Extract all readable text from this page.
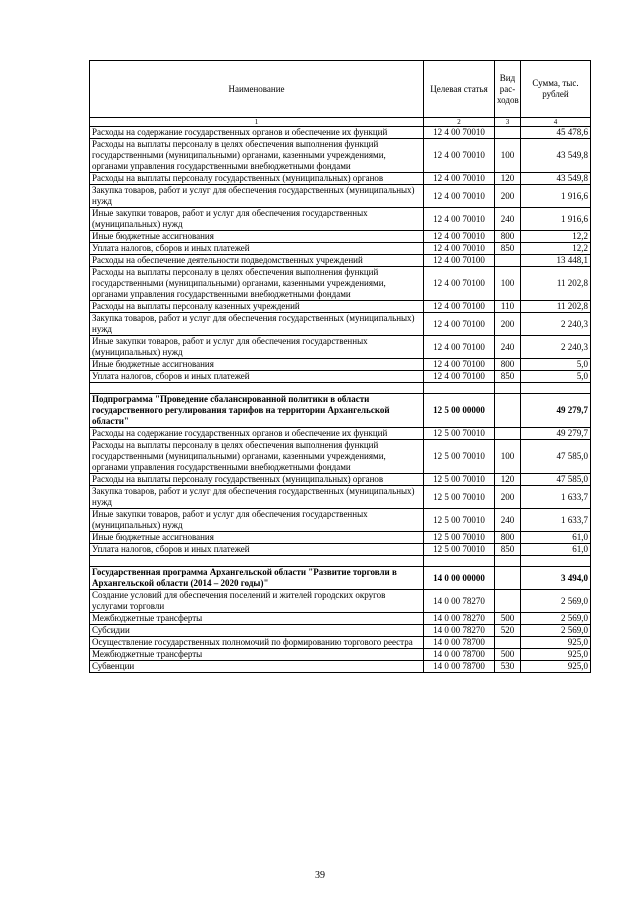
Наименование	Целевая статья	Вид рас-ходов	Сумма, тыс. рублей
1	2	3	4
Расходы на содержание государственных органов и обеспечение их функций	12 4 00 70010		45 478,6
Расходы на выплаты персоналу в целях обеспечения выполнения функций государственными (муниципальными) органами, казенными учреждениями, органами управления государственными внебюджетными фондами	12 4 00 70010	100	43 549,8
Расходы на выплаты персоналу государственных (муниципальных) органов	12 4 00 70010	120	43 549,8
Закупка товаров, работ и услуг для обеспечения государственных (муниципальных) нужд	12 4 00 70010	200	1 916,6
Иные закупки товаров, работ и услуг для обеспечения государственных (муниципальных) нужд	12 4 00 70010	240	1 916,6
Иные бюджетные ассигнования	12 4 00 70010	800	12,2
Уплата налогов, сборов и иных платежей	12 4 00 70010	850	12,2
Расходы на обеспечение деятельности подведомственных учреждений	12 4 00 70100		13 448,1
Расходы на выплаты персоналу в целях обеспечения выполнения функций государственными (муниципальными) органами, казенными учреждениями, органами управления государственными внебюджетными фондами	12 4 00 70100	100	11 202,8
Расходы на выплаты персоналу казенных учреждений	12 4 00 70100	110	11 202,8
Закупка товаров, работ и услуг для обеспечения государственных (муниципальных) нужд	12 4 00 70100	200	2 240,3
Иные закупки товаров, работ и услуг для обеспечения государственных (муниципальных) нужд	12 4 00 70100	240	2 240,3
Иные бюджетные ассигнования	12 4 00 70100	800	5,0
Уплата налогов, сборов и иных платежей	12 4 00 70100	850	5,0

Подпрограмма "Проведение сбалансированной политики в области государственного регулирования тарифов на территории Архангельской области"	12 5 00 00000		49 279,7
Расходы на содержание государственных органов и обеспечение их функций	12 5 00 70010		49 279,7
Расходы на выплаты персоналу в целях обеспечения выполнения функций государственными (муниципальными) органами, казенными учреждениями, органами управления государственными внебюджетными фондами	12 5 00 70010	100	47 585,0
Расходы на выплаты персоналу государственных (муниципальных) органов	12 5 00 70010	120	47 585,0
Закупка товаров, работ и услуг для обеспечения государственных (муниципальных) нужд	12 5 00 70010	200	1 633,7
Иные закупки товаров, работ и услуг для обеспечения государственных (муниципальных) нужд	12 5 00 70010	240	1 633,7
Иные бюджетные ассигнования	12 5 00 70010	800	61,0
Уплата налогов, сборов и иных платежей	12 5 00 70010	850	61,0

Государственная программа Архангельской области "Развитие торговли в Архангельской области (2014 – 2020 годы)"	14 0 00 00000		3 494,0
Создание условий для обеспечения поселений и жителей городских округов услугами торговли	14 0 00 78270		2 569,0
Межбюджетные трансферты	14 0 00 78270	500	2 569,0
Субсидии	14 0 00 78270	520	2 569,0
Осуществление государственных полномочий по формированию торгового реестра	14 0 00 78700		925,0
Межбюджетные трансферты	14 0 00 78700	500	925,0
Субвенции	14 0 00 78700	530	925,0
39
